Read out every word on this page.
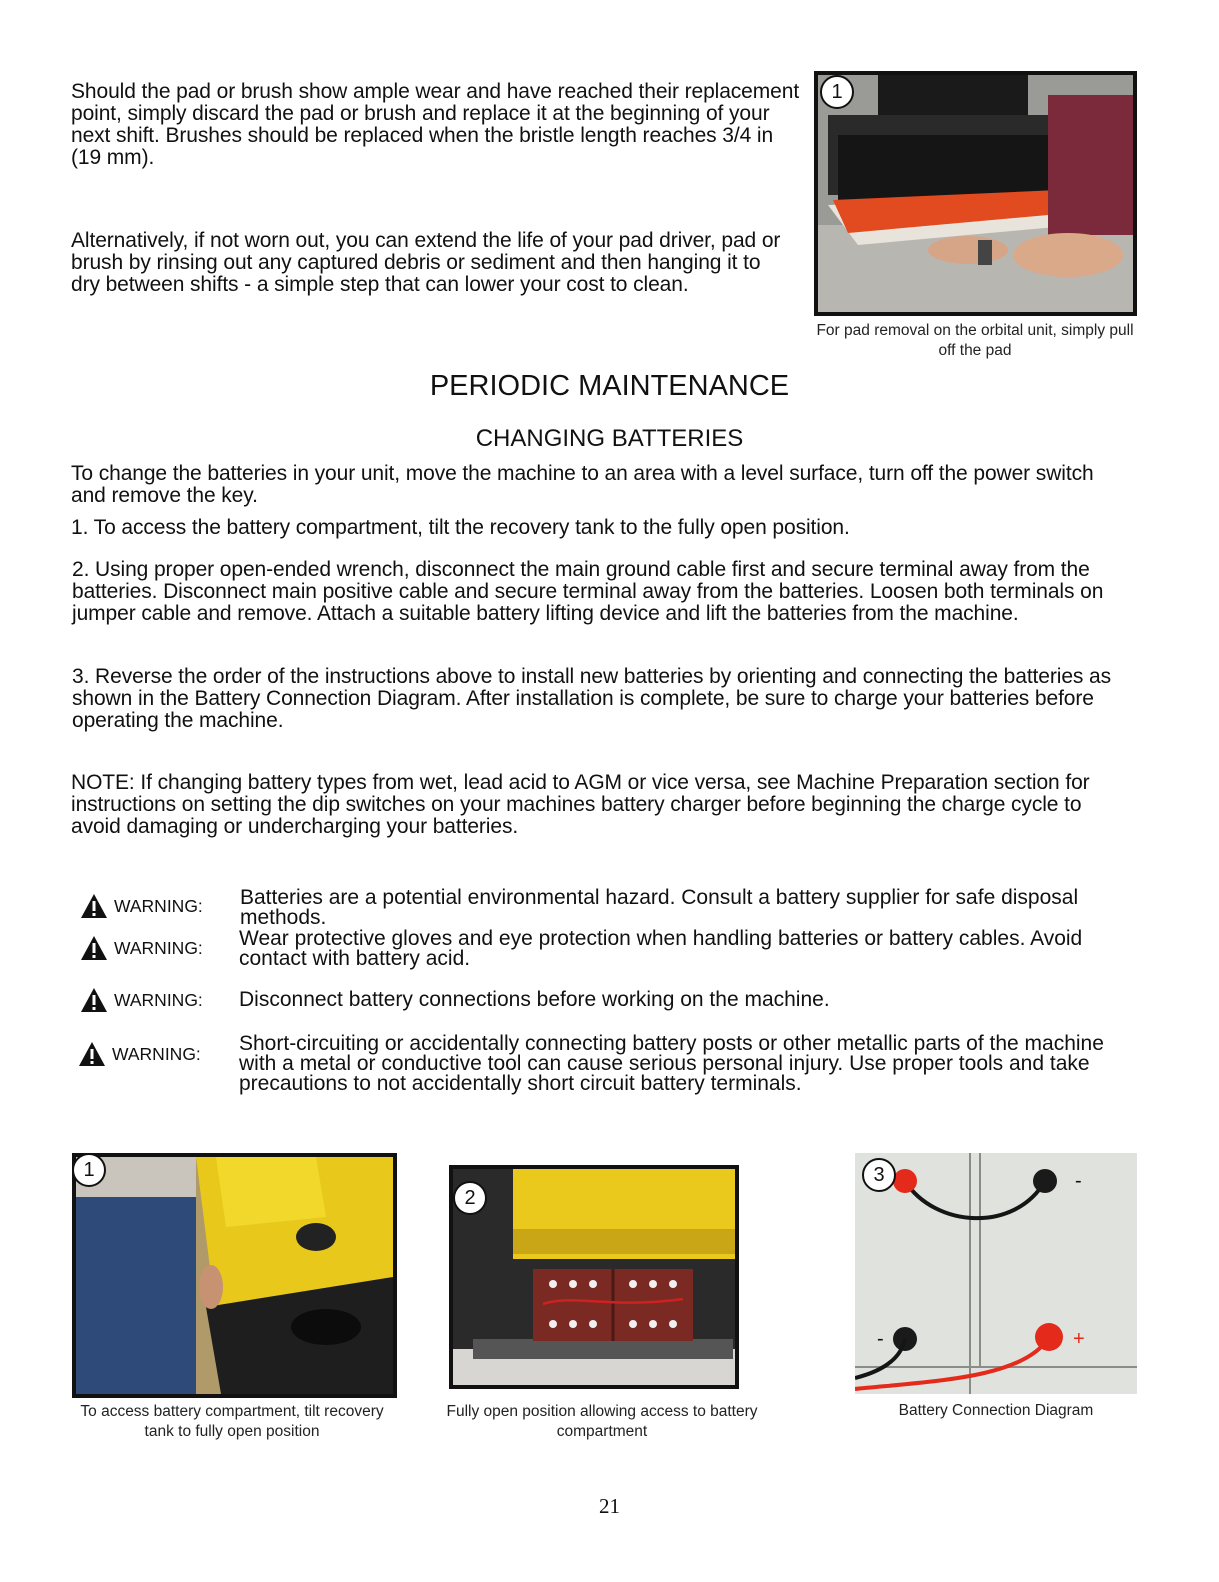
Should the pad or brush show ample wear and have reached their replacement point, simply discard the pad or brush and replace it at the beginning of your next shift. Brushes should be replaced when the bristle length reaches 3/4 in (19 mm).

Alternatively, if not worn out, you can extend the life of your pad driver, pad or brush by rinsing out any captured debris or sediment and then hanging it to dry between shifts - a simple step that can lower your cost to clean.

1
For pad removal on the orbital unit, simply pull off the pad
PERIODIC MAINTENANCE
CHANGING BATTERIES

To change the batteries in your unit, move the machine to an area with a level surface, turn off the power switch and remove the key.

1. To access the battery compartment, tilt the recovery tank to the fully open position.

2. Using proper open-ended wrench, disconnect the main ground cable first and secure terminal away from the batteries. Disconnect main positive cable and secure terminal away from the batteries. Loosen both terminals on jumper cable and remove. Attach a suitable battery lifting device and lift the batteries from the machine.

3. Reverse the order of the instructions above to install new batteries by orienting and connecting the batteries as shown in the Battery Connection Diagram. After installation is complete, be sure to charge your batteries before operating the machine.

NOTE: If changing battery types from wet, lead acid to AGM or vice versa, see Machine Preparation section for instructions on setting the dip switches on your machines battery charger before beginning the charge cycle to avoid damaging or undercharging your batteries.

WARNING: Batteries are a potential environmental hazard. Consult a battery supplier for safe disposal methods.
WARNING: Wear protective gloves and eye protection when handling batteries or battery cables. Avoid contact with battery acid.
WARNING: Disconnect battery connections before working on the machine.
WARNING: Short-circuiting or accidentally connecting battery posts or other metallic parts of the machine with a metal or conductive tool can cause serious personal injury. Use proper tools and take precautions to not accidentally short circuit battery terminals.
1
To access battery compartment, tilt recovery tank to fully open position
2
Fully open position allowing access to battery compartment
-
-	+
3
Battery Connection Diagram
21
